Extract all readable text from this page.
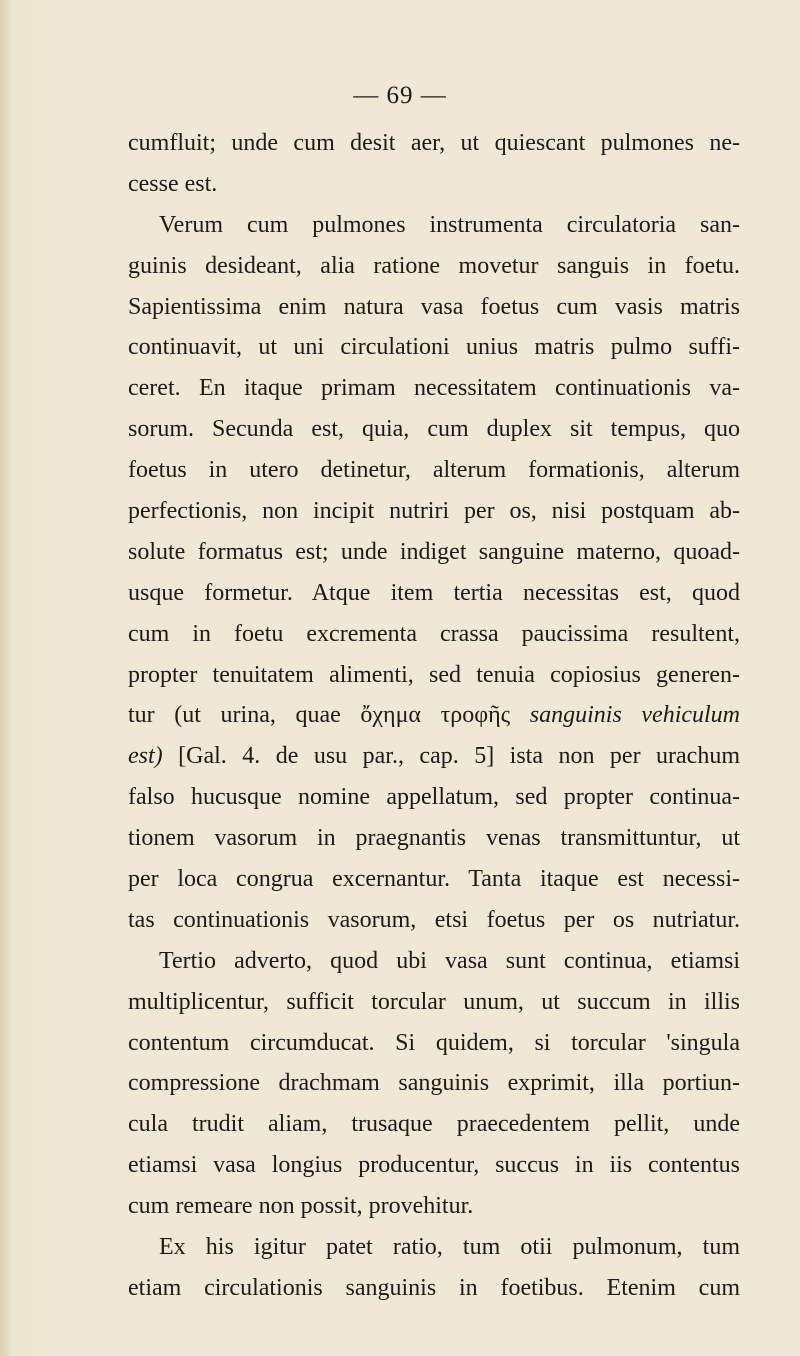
— 69 —
cumfluit; unde cum desit aer, ut quiescant pulmones ne-
cesse est.
Verum cum pulmones instrumenta circulatoria san-
guinis desideant, alia ratione movetur sanguis in foetu.
Sapientissima enim natura vasa foetus cum vasis matris
continuavit, ut uni circulationi unius matris pulmo suffi-
ceret. En itaque primam necessitatem continuationis va-
sorum. Secunda est, quia, cum duplex sit tempus, quo
foetus in utero detinetur, alterum formationis, alterum
perfectionis, non incipit nutriri per os, nisi postquam ab-
solute formatus est; unde indiget sanguine materno, quoad-
usque formetur. Atque item tertia necessitas est, quod
cum in foetu excrementa crassa paucissima resultent,
propter tenuitatem alimenti, sed tenuia copiosius generen-
tur (ut urina, quae ὄχημα τροφῆς sanguinis vehiculum
est) [Gal. 4. de usu par., cap. 5] ista non per urachum
falso hucusque nomine appellatum, sed propter continua-
tionem vasorum in praegnantis venas transmittuntur, ut
per loca congrua excernantur. Tanta itaque est necessi-
tas continuationis vasorum, etsi foetus per os nutriatur.
Tertio adverto, quod ubi vasa sunt continua, etiamsi
multiplicentur, sufficit torcular unum, ut succum in illis
contentum circumducat. Si quidem, si torcular 'singula
compressione drachmam sanguinis exprimit, illa portiun-
cula trudit aliam, trusaque praecedentem pellit, unde
etiamsi vasa longius producentur, succus in iis contentus
cum remeare non possit, provehitur.
Ex his igitur patet ratio, tum otii pulmonum, tum
etiam circulationis sanguinis in foetibus. Etenim cum
